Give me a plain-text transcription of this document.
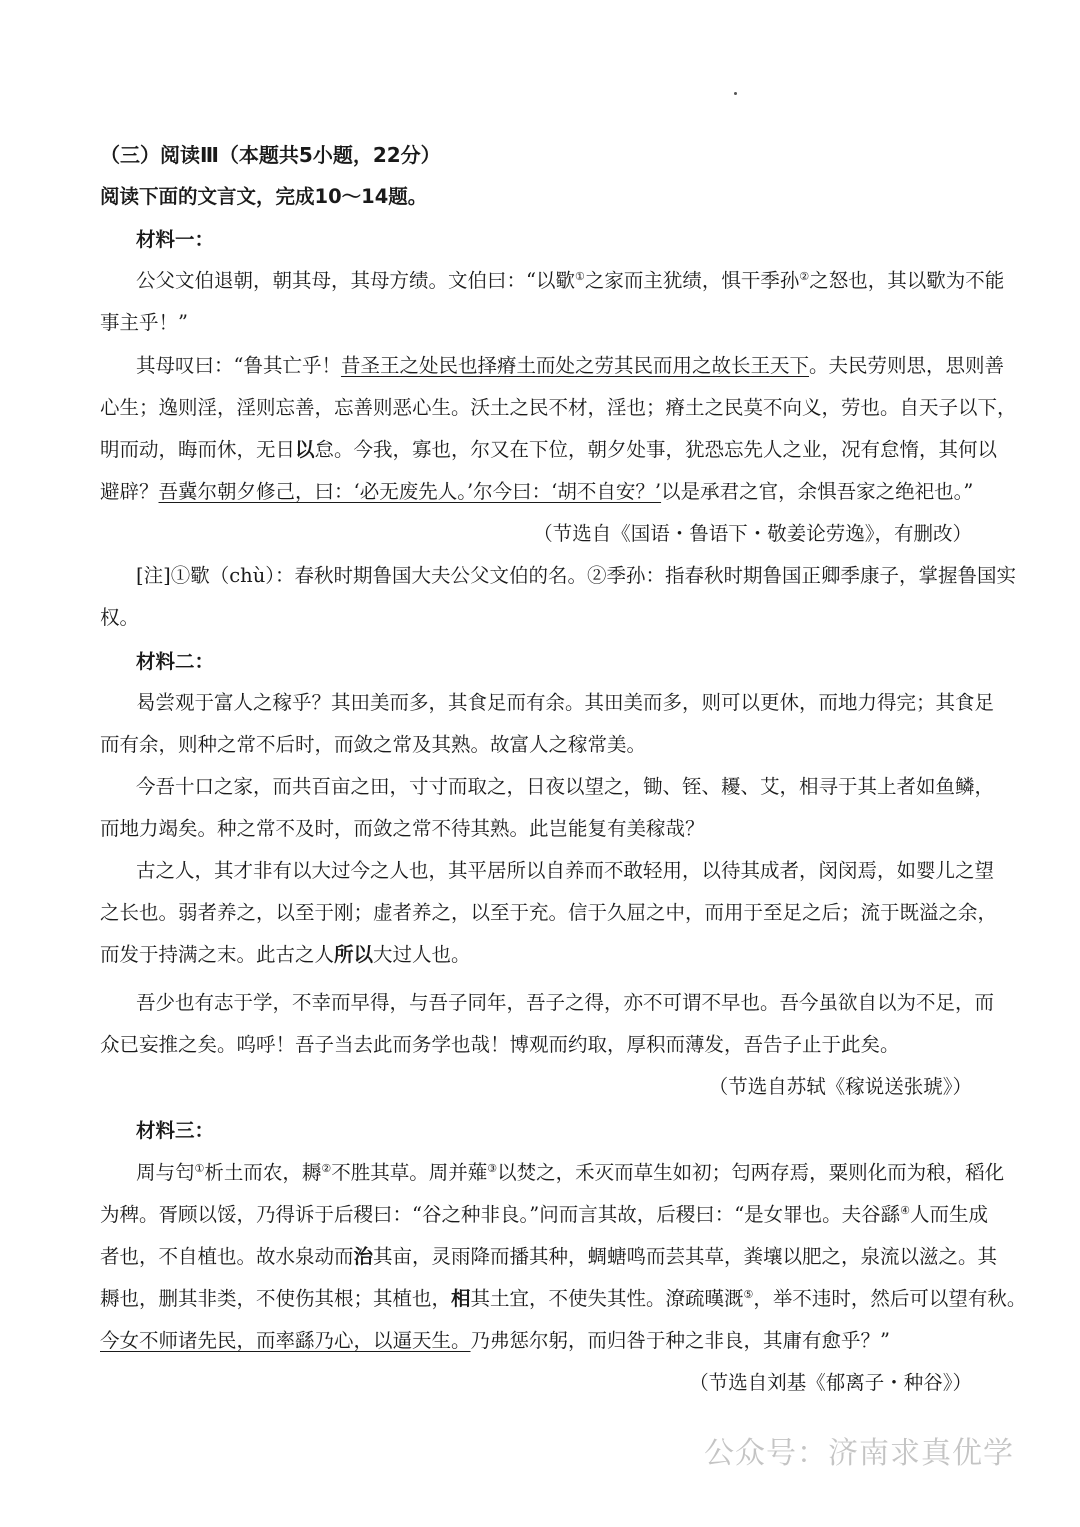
（三）阅读Ⅲ（本题共5小题，22分）
阅读下面的文言文，完成10～14题。
材料一：
公父文伯退朝，朝其母，其母方绩。文伯曰：“以歜①之家而主犹绩，惧干季孙②之怒也，其以歜为不能
事主乎！”
其母叹曰：“鲁其亡乎！昔圣王之处民也择瘠土而处之劳其民而用之故长王天下。夫民劳则思，思则善
心生；逸则淫，淫则忘善，忘善则恶心生。沃土之民不材，淫也；瘠土之民莫不向义，劳也。自天子以下，
明而动，晦而休，无日以怠。今我，寡也，尔又在下位，朝夕处事，犹恐忘先人之业，况有怠惰，其何以
避辟？吾冀尔朝夕修己，曰：‘必无废先人。’尔今曰：‘胡不自安？’以是承君之官，余惧吾家之绝祀也。”
（节选自《国语・鲁语下・敬姜论劳逸》，有删改）
[注]①歜（chù）：春秋时期鲁国大夫公父文伯的名。②季孙：指春秋时期鲁国正卿季康子，掌握鲁国实
权。
材料二：
曷尝观于富人之稼乎？其田美而多，其食足而有余。其田美而多，则可以更休，而地力得完；其食足
而有余，则种之常不后时，而敛之常及其熟。故富人之稼常美。
今吾十口之家，而共百亩之田，寸寸而取之，日夜以望之，锄、铚、耰、艾，相寻于其上者如鱼鳞，
而地力竭矣。种之常不及时，而敛之常不待其熟。此岂能复有美稼哉？
古之人，其才非有以大过今之人也，其平居所以自养而不敢轻用，以待其成者，闵闵焉，如婴儿之望
之长也。弱者养之，以至于刚；虚者养之，以至于充。信于久屈之中，而用于至足之后；流于既溢之余，
而发于持满之末。此古之人所以大过人也。
吾少也有志于学，不幸而早得，与吾子同年，吾子之得，亦不可谓不早也。吾今虽欲自以为不足，而
众已妄推之矣。呜呼！吾子当去此而务学也哉！博观而约取，厚积而薄发，吾告子止于此矣。
（节选自苏轼《稼说送张琥》）
材料三：
周与匄①析土而农，耨②不胜其草。周并薙③以焚之，禾灭而草生如初；匄两存焉，粟则化而为稂，稻化
为稗。胥顾以馁，乃得诉于后稷曰：“谷之种非良。”问而言其故，后稷曰：“是女罪也。夫谷繇④人而生成
者也，不自植也。故水泉动而治其亩，灵雨降而播其种，蜩螗鸣而芸其草，粪壤以肥之，泉流以滋之。其
耨也，删其非类，不使伤其根；其植也，相其土宜，不使失其性。潦疏暵溉⑤，举不违时，然后可以望有秋。
今女不师诸先民，而率繇乃心，以逼天生。乃弗惩尔躬，而归咎于种之非良，其庸有愈乎？”
（节选自刘基《郁离子・种谷》）
公众号：济南求真优学
